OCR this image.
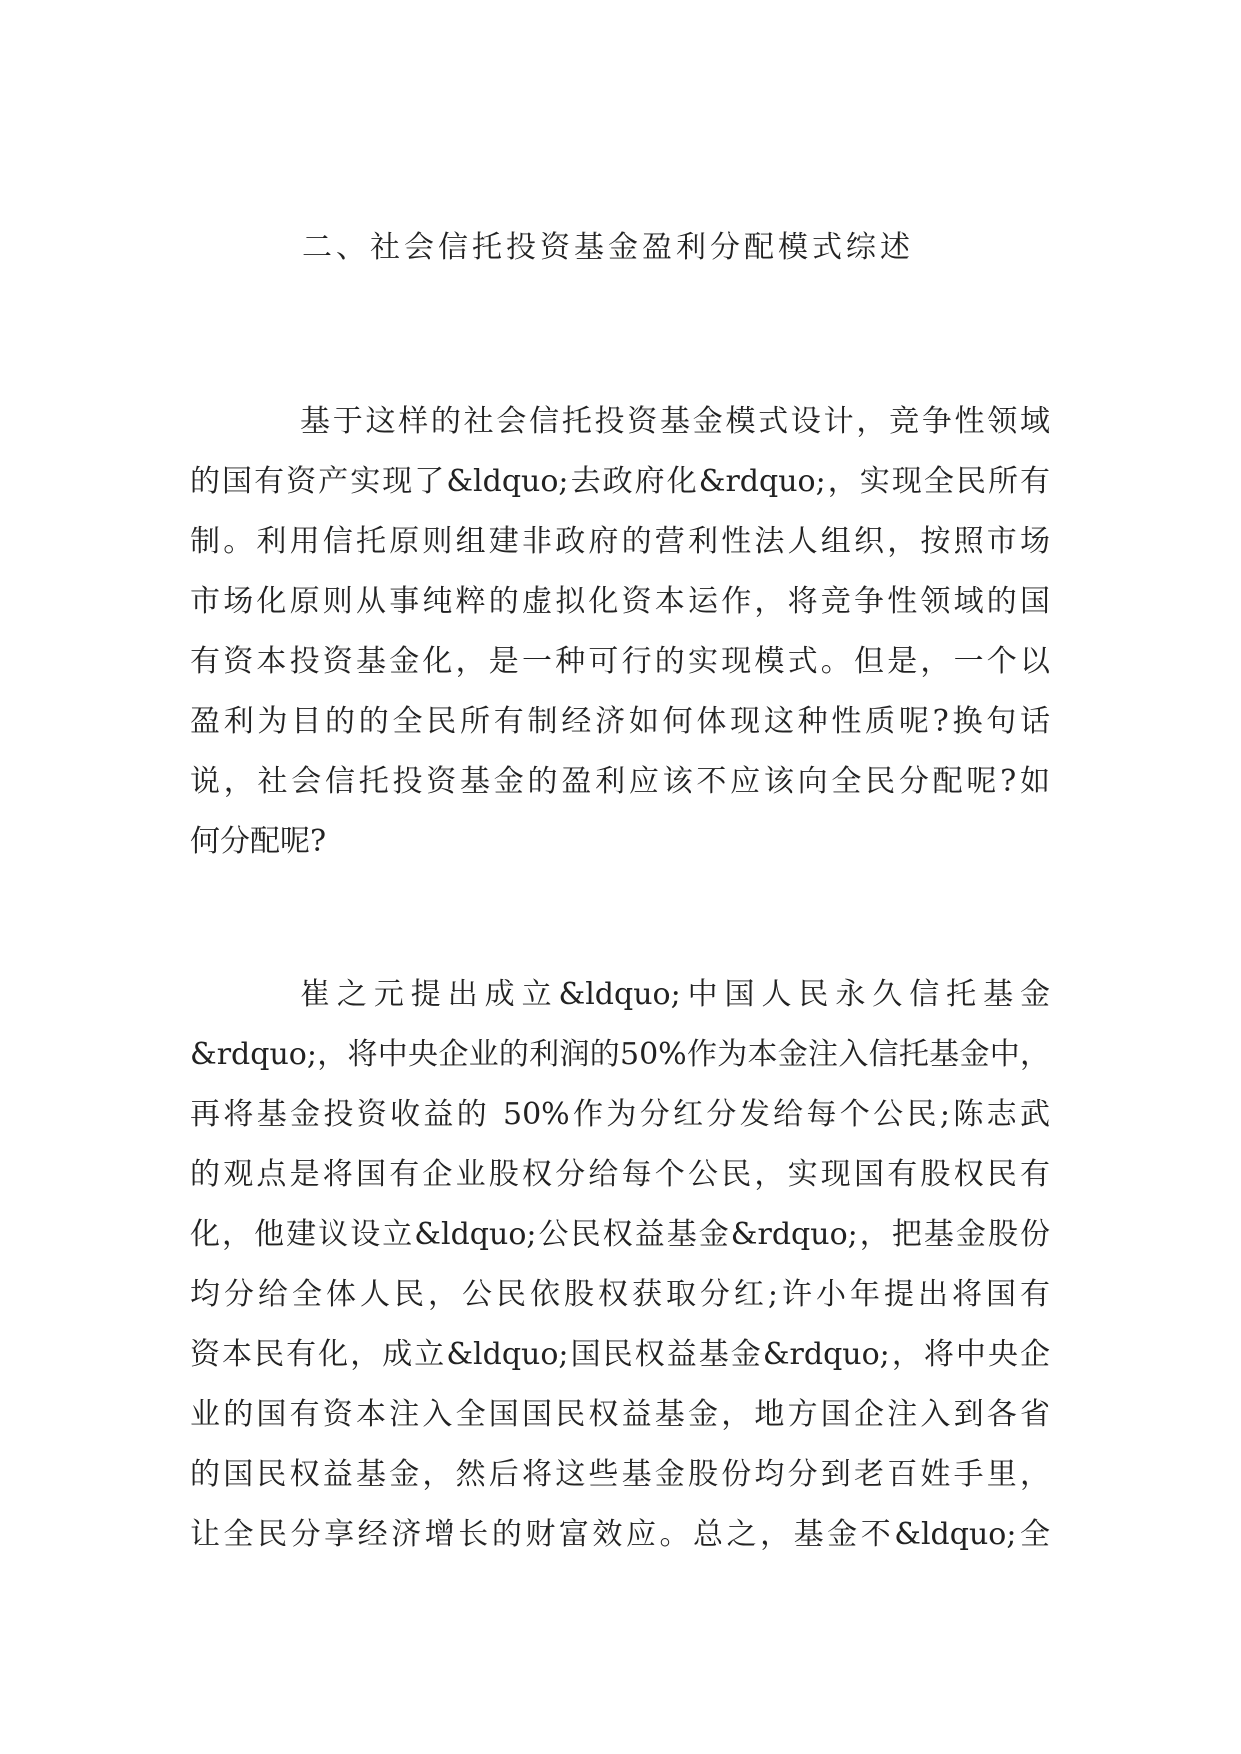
二、社会信托投资基金盈利分配模式综述
基于这样的社会信托投资基金模式设计，竞争性领域
的国有资产实现了&ldquo;去政府化&rdquo;，实现全民所有
制。利用信托原则组建非政府的营利性法人组织，按照市场
市场化原则从事纯粹的虚拟化资本运作，将竞争性领域的国
有资本投资基金化，是一种可行的实现模式。但是，一个以
盈利为目的的全民所有制经济如何体现这种性质呢?换句话
说，社会信托投资基金的盈利应该不应该向全民分配呢?如
何分配呢?
崔之元提出成立&ldquo;中国人民永久信托基金
&rdquo;，将中央企业的利润的50%作为本金注入信托基金中，
再将基金投资收益的 50%作为分红分发给每个公民;陈志武
的观点是将国有企业股权分给每个公民，实现国有股权民有
化，他建议设立&ldquo;公民权益基金&rdquo;，把基金股份
均分给全体人民，公民依股权获取分红;许小年提出将国有
资本民有化，成立&ldquo;国民权益基金&rdquo;，将中央企
业的国有资本注入全国国民权益基金，地方国企注入到各省
的国民权益基金，然后将这些基金股份均分到老百姓手里，
让全民分享经济增长的财富效应。总之，基金不&ldquo;全
